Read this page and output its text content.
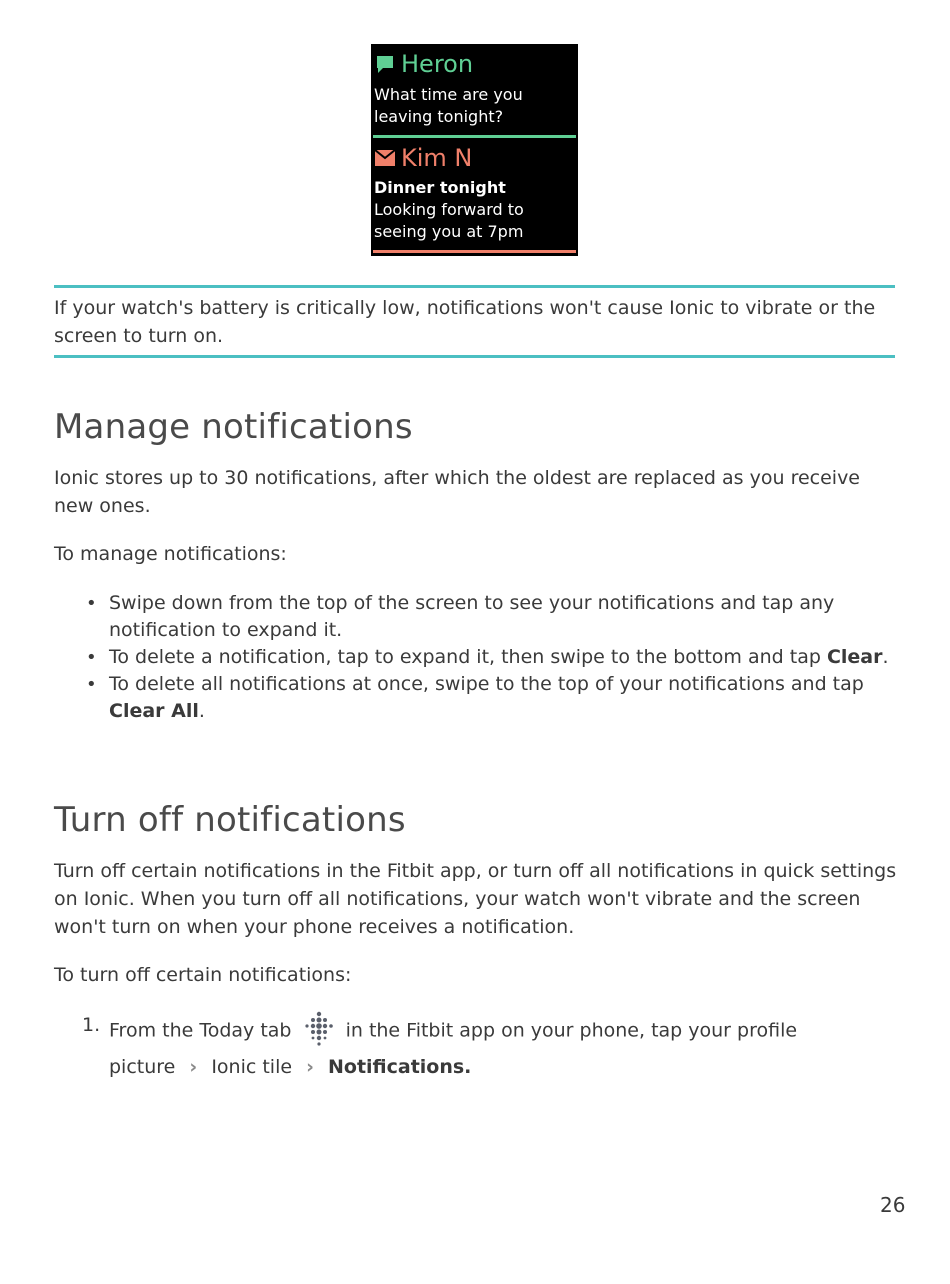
Heron
What time are you leaving tonight?
Kim N
Dinner tonight
Looking forward to seeing you at 7pm
If your watch's battery is critically low, notifications won't cause Ionic to vibrate or the screen to turn on.
Manage notifications
Ionic stores up to 30 notifications, after which the oldest are replaced as you receive new ones.
To manage notifications:
• Swipe down from the top of the screen to see your notifications and tap any notification to expand it.
• To delete a notification, tap to expand it, then swipe to the bottom and tap Clear.
• To delete all notifications at once, swipe to the top of your notifications and tap Clear All.
Turn off notifications
Turn off certain notifications in the Fitbit app, or turn off all notifications in quick settings on Ionic. When you turn off all notifications, your watch won't vibrate and the screen won't turn on when your phone receives a notification.
To turn off certain notifications:
1. From the Today tab	in the Fitbit app on your phone, tap your profile
picture › Ionic tile › Notifications.
26
